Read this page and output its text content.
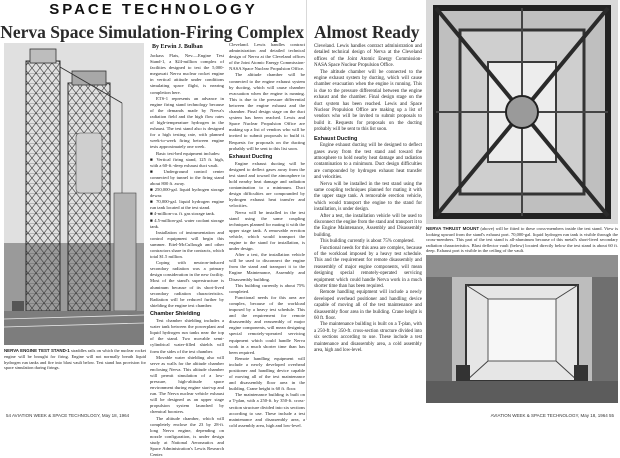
SPACE TECHNOLOGY
Nerva Space Simulation-Firing Complex
By Erwin J. Bulban

Jackass Flats, Nev.—Engine Test Stand-1, a $24-million complex of facilities designed to test the 5,000-megawatt Nerva nuclear rocket engine in vertical attitude under conditions simulating space flight, is nearing completion here.

ETS-1 represents an advance in engine firing stand technology because of the demands made by Nerva's radiation field and the high flow rates of high-temperature hydrogen in the exhaust. The test stand also is designed for a high testing rate, with planned week-to-week firing between engine tests approximately one week.

Basic test-bed equipment includes:

■ Vertical firing stand, 125 ft. high, with a 60-ft.-deep exhaust duct vault.

■ Underground control center connected by tunnel to the firing stand about 800 ft. away.

■ 250,000-gal. liquid hydrogen storage dewar.

■ 70,000-gal. liquid hydrogen engine run tank located at the test stand.

■ 4-million-cu. ft. gas storage tank.

■ 4.5-million-gal. water coolant storage tank.

Installation of instrumentation and control equipment will begin this summer. Eitel-McCullough and other contractors share in the contracts, which total $1.5 million.

Coping with neutron-induced secondary radiation was a primary design consideration in the new facility. Most of the stand's superstructure is aluminum because of its short-lived secondary radiation characteristics. Radiation will be reduced further by shielding the engine test chamber.

Chamber Shielding

Test chamber shielding includes a water tank between the powerplant and liquid hydrogen run tanks near the top of the stand. Two movable semi-cylindrical water-filled shields will form the sides of the test chamber.

Movable water shielding also will serve as walls for the altitude chamber enclosing Nerva. This altitude chamber will permit simulation of a low-pressure, high-altitude space environment during engine start-up and run. The Nerva nuclear vehicle exhaust will be designed as an upper stage propulsion system launched by chemical boosters.

The altitude chamber, which will completely enclose the 23 by 28-ft. long Nerva engine, depending on nozzle configuration, is under design study at National Aeronautics and Space Administration's Lewis Research Center.

Cleveland. Lewis handles contract administration and detailed technical design of Nerva at the Cleveland offices of the Joint Atomic Energy Commission-NASA Space Nuclear Propulsion Office.

The altitude chamber will be connected to the engine exhaust system by ducting, which will cause chamber evacuation when the engine is running. This is due to the pressure differential between the engine exhaust and the chamber. Final design stage on the duct system has been reached. Lewis and Space Nuclear Propulsion Office are making up a list of vendors who will be invited to submit proposals to build it. Requests for proposals on the ducting probably will be sent to this list soon.

Exhaust Ducting

Engine exhaust ducting will be designed to deflect gases away from the test stand and toward the atmosphere to hold nearby heat damage and radiation contamination to a minimum. Duct design difficulties are compounded by hydrogen exhaust heat transfer and velocities.

Nerva will be installed in the test stand using the same coupling techniques planned for mating it with the upper stage tank. A removable erection vehicle, which would transport the engine to the stand for installation, is under design.

After a test, the installation vehicle will be used to disconnect the engine from the stand and transport it to the Engine Maintenance, Assembly and Disassembly building.

This building currently is about 75% completed.

Functional needs for this area are complex, because of the workload imposed by a heavy test schedule. This and the requirement for remote disassembly and reassembly of major engine components, will mean designing special remotely-operated servicing equipment which could handle Nerva work in a much shorter time than has been required.

Remote handling equipment will include a newly developed overhead positioner and handling device capable of moving all of the test maintenance and disassembly floor area in the building. Crane height is 60 ft. floor.

The maintenance building is built on a T-plan, with a 250-ft. by 350-ft. cross-section structure divided into six sections according to use. These include a test maintenance and disassembly area, a cold assembly area, high and low-level.

NERVA ENGINE TEST STAND-1 straddles rails on which the nuclear rocket engine will be brought for firing. Engine will not normally breath liquid hydrogen run tanks and fire into blast vault below. Test stand has provision for space simulation during firings.
54 AVIATION WEEK & SPACE TECHNOLOGY, May 18, 1964
Almost Ready

Cleveland. Lewis handles contract administration and detailed technical design of Nerva at the Cleveland offices of the Joint Atomic Energy Commission-NASA Space Nuclear Propulsion Office.

The altitude chamber will be connected to the engine exhaust system by ducting, which will cause chamber evacuation when the engine is running. This is due to the pressure differential between the engine exhaust and the chamber. Final design stage on the duct system has been reached. Lewis and Space Nuclear Propulsion Office are making up a list of vendors who will be invited to submit proposals to build it. Requests for proposals on the ducting probably will be sent to this list soon.

Exhaust Ducting

Engine exhaust ducting will be designed to deflect gases away from the test stand and toward the atmosphere to hold nearby heat damage and radiation contamination to a minimum. Duct design difficulties are compounded by hydrogen exhaust heat transfer and velocities.

Nerva will be installed in the test stand using the same coupling techniques planned for mating it with the upper stage tank. A removable erection vehicle, which would transport the engine to the stand for installation, is under design.

After a test, the installation vehicle will be used to disconnect the engine from the stand and transport it to the Engine Maintenance, Assembly and Disassembly building.

This building currently is about 75% completed.

Functional needs for this area are complex, because of the workload imposed by a heavy test schedule. This and the requirement for remote disassembly and reassembly of major engine components, will mean designing special remotely-operated servicing equipment which could handle Nerva work in a much shorter time than has been required.

Remote handling equipment will include a newly developed overhead positioner and handling device capable of moving all of the test maintenance and disassembly floor area in the building. Crane height is 60 ft. floor.

The maintenance building is built on a T-plan, with a 250-ft. by 350-ft. cross-section structure divided into six sections according to use. These include a test maintenance and disassembly area, a cold assembly area, high and low-level.

NERVA THRUST MOUNT (above) will be fitted to these cross-members inside the test stand. View is looking upward from the stand's exhaust port. 70,000-gal. liquid hydrogen run tank is visible through the cross-members. This part of the test stand is all-aluminum because of this metal's short-lived secondary radiation characteristics. Blast deflector vault (below) located directly below the test stand is about 60 ft. deep. Exhaust port is visible in the ceiling of the vault.
AVIATION WEEK & SPACE TECHNOLOGY, May 18, 1964 55
